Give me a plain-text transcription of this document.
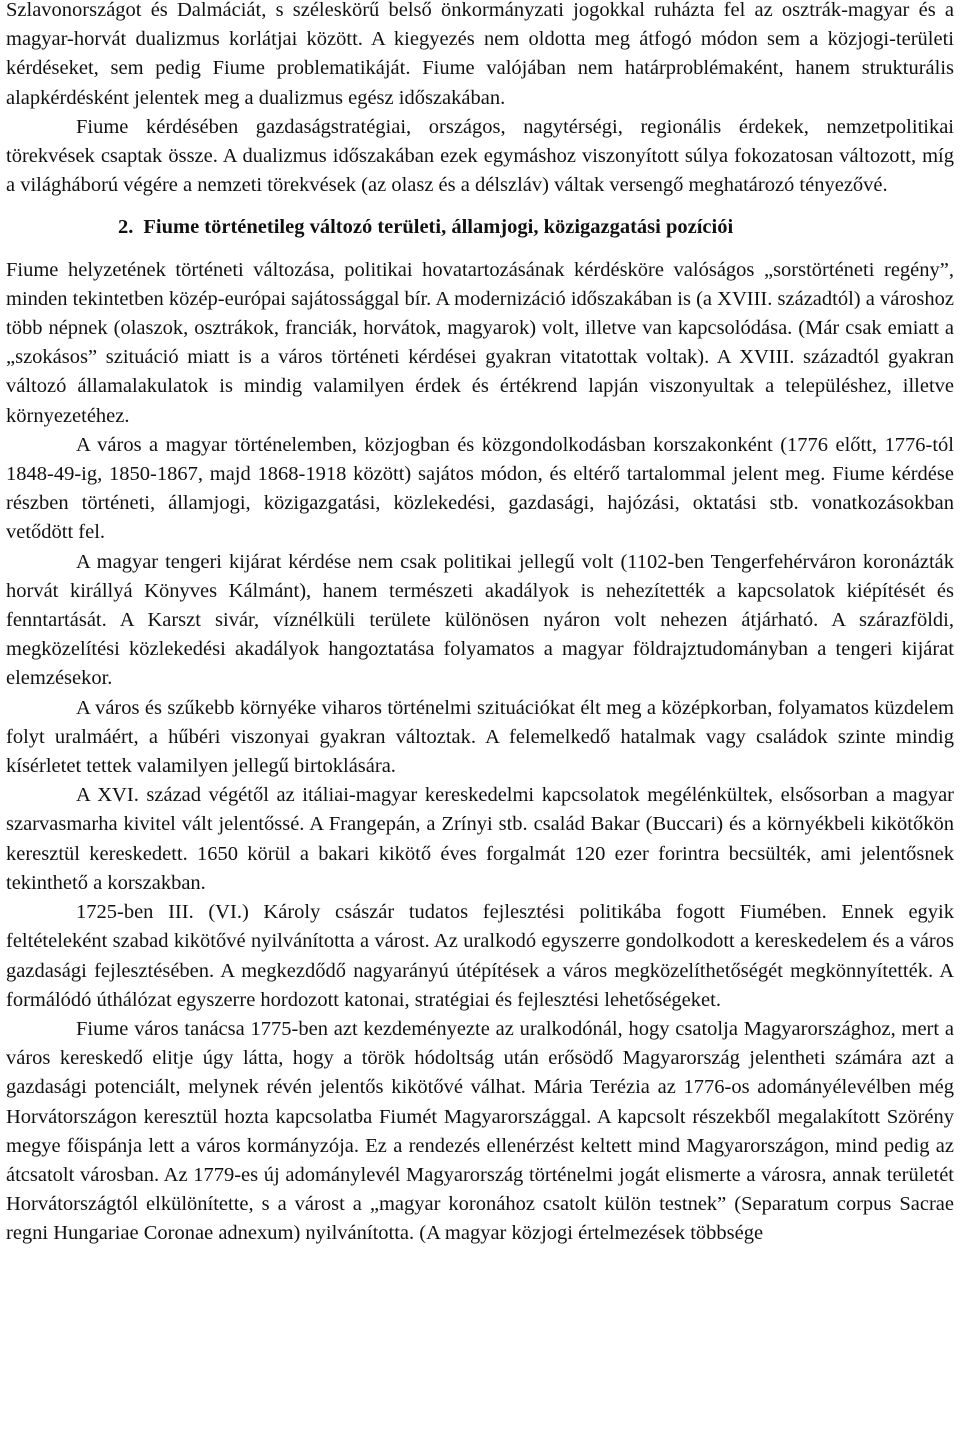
Szlavonországot és Dalmáciát, s széleskörű belső önkormányzati jogokkal ruházta fel az osztrák-magyar és a magyar-horvát dualizmus korlátjai között. A kiegyezés nem oldotta meg átfogó módon sem a közjogi-területi kérdéseket, sem pedig Fiume problematikáját. Fiume valójában nem határproblémaként, hanem strukturális alapkérdésként jelentek meg a dualizmus egész időszakában.

Fiume kérdésében gazdaságstratégiai, országos, nagytérségi, regionális érdekek, nemzetpolitikai törekvések csaptak össze. A dualizmus időszakában ezek egymáshoz viszonyított súlya fokozatosan változott, míg a világháború végére a nemzeti törekvések (az olasz és a délszláv) váltak versengő meghatározó tényezővé.

2. Fiume történetileg változó területi, államjogi, közigazgatási pozíciói

Fiume helyzetének történeti változása, politikai hovatartozásának kérdésköre valóságos „sorstörténeti regény”, minden tekintetben közép-európai sajátossággal bír. A modernizáció időszakában is (a XVIII. századtól) a városhoz több népnek (olaszok, osztrákok, franciák, horvátok, magyarok) volt, illetve van kapcsolódása. (Már csak emiatt a „szokásos” szituáció miatt is a város történeti kérdései gyakran vitatottak voltak). A XVIII. századtól gyakran változó államalakulatok is mindig valamilyen érdek és értékrend lapján viszonyultak a településhez, illetve környezetéhez.

A város a magyar történelemben, közjogban és közgondolkodásban korszakonként (1776 előtt, 1776-tól 1848-49-ig, 1850-1867, majd 1868-1918 között) sajátos módon, és eltérő tartalommal jelent meg. Fiume kérdése részben történeti, államjogi, közigazgatási, közlekedési, gazdasági, hajózási, oktatási stb. vonatkozásokban vetődött fel.

A magyar tengeri kijárat kérdése nem csak politikai jellegű volt (1102-ben Tengerfehérváron koronázták horvát királlyá Könyves Kálmánt), hanem természeti akadályok is nehezítették a kapcsolatok kiépítését és fenntartását. A Karszt sivár, víznélküli területe különösen nyáron volt nehezen átjárható. A szárazföldi, megközelítési közlekedési akadályok hangoztatása folyamatos a magyar földrajztudományban a tengeri kijárat elemzésekor.

A város és szűkebb környéke viharos történelmi szituációkat élt meg a középkorban, folyamatos küzdelem folyt uralmáért, a hűbéri viszonyai gyakran változtak. A felemelkedő hatalmak vagy családok szinte mindig kísérletet tettek valamilyen jellegű birtoklására.

A XVI. század végétől az itáliai-magyar kereskedelmi kapcsolatok megélénkültek, elsősorban a magyar szarvasmarha kivitel vált jelentőssé. A Frangepán, a Zrínyi stb. család Bakar (Buccari) és a környékbeli kikötőkön keresztül kereskedett. 1650 körül a bakari kikötő éves forgalmát 120 ezer forintra becsülték, ami jelentősnek tekinthető a korszakban.

1725-ben III. (VI.) Károly császár tudatos fejlesztési politikába fogott Fiumében. Ennek egyik feltételeként szabad kikötővé nyilvánította a várost. Az uralkodó egyszerre gondolkodott a kereskedelem és a város gazdasági fejlesztésében. A megkezdődő nagyarányú útépítések a város megközelíthetőségét megkönnyítették. A formálódó úthálózat egyszerre hordozott katonai, stratégiai és fejlesztési lehetőségeket.

Fiume város tanácsa 1775-ben azt kezdeményezte az uralkodónál, hogy csatolja Magyarországhoz, mert a város kereskedő elitje úgy látta, hogy a török hódoltság után erősödő Magyarország jelentheti számára azt a gazdasági potenciált, melynek révén jelentős kikötővé válhat. Mária Terézia az 1776-os adományélevélben még Horvátországon keresztül hozta kapcsolatba Fiumét Magyarországgal. A kapcsolt részekből megalakított Szörény megye főispánja lett a város kormányzója. Ez a rendezés ellenérzést keltett mind Magyarországon, mind pedig az átcsatolt városban. Az 1779-es új adománylevél Magyarország történelmi jogát elismerte a városra, annak területét Horvátországtól elkülönítette, s a várost a „magyar koronához csatolt külön testnek” (Separatum corpus Sacrae regni Hungariae Coronae adnexum) nyilvánította. (A magyar közjogi értelmezések többsége
